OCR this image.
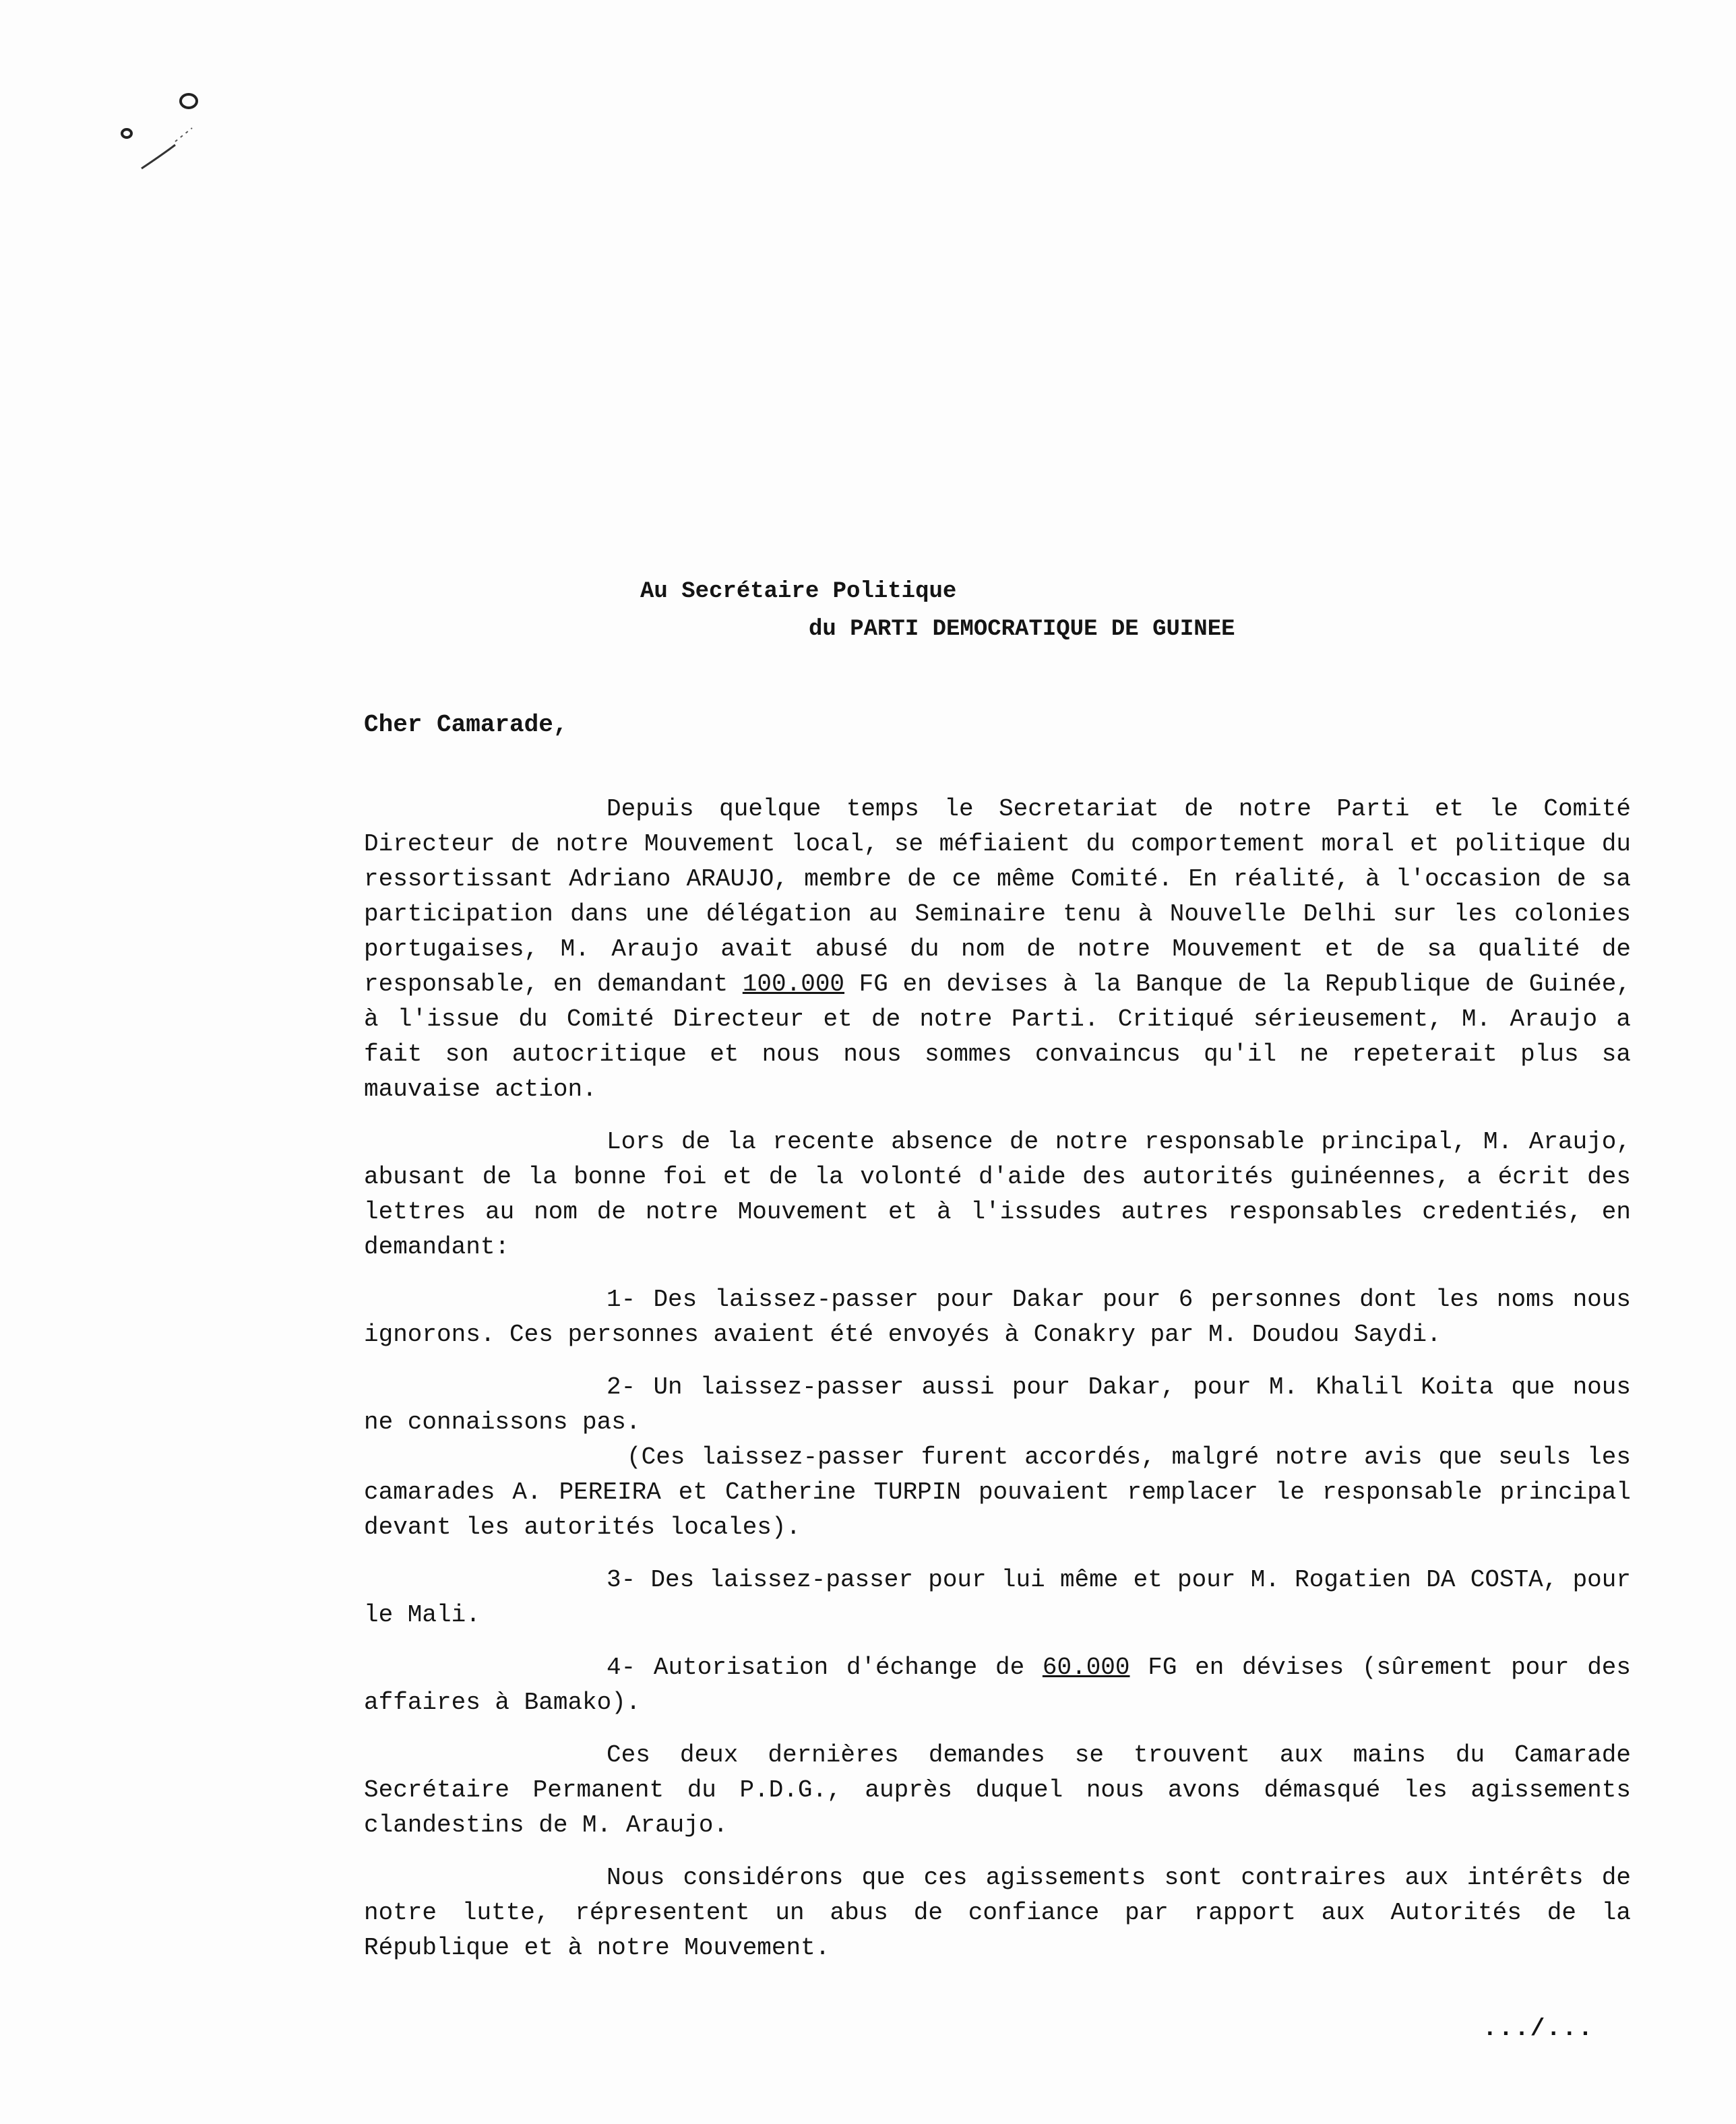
Au Secrétaire Politique
du PARTI DEMOCRATIQUE DE GUINEE
Cher Camarade,

Depuis quelque temps le Secretariat de notre Parti et le Comité Directeur de notre Mouvement local, se méfiaient du comportement moral et politique du ressortissant Adriano ARAUJO, membre de ce même Comité. En réalité, à l'occasion de sa participation dans une délégation au Seminaire tenu à Nouvelle Delhi sur les colonies portugaises, M. Araujo avait abusé du nom de notre Mouvement et de sa qualité de responsable, en demandant 100.000 FG en devises à la Banque de la Republique de Guinée, à l'issue du Comité Directeur et de notre Parti. Critiqué sérieusement, M. Araujo a fait son autocritique et nous nous sommes convaincus qu'il ne repeterait plus sa mauvaise action.

Lors de la recente absence de notre responsable principal, M. Araujo, abusant de la bonne foi et de la volonté d'aide des autorités guinéennes, a écrit des lettres au nom de notre Mouvement et à l'issudes autres responsables credentiés, en demandant:

1- Des laissez-passer pour Dakar pour 6 personnes dont les noms nous ignorons. Ces personnes avaient été envoyés à Conakry par M. Doudou Saydi.

2- Un laissez-passer aussi pour Dakar, pour M. Khalil Koita que nous ne connaissons pas.

(Ces laissez-passer furent accordés, malgré notre avis que seuls les camarades A. PEREIRA et Catherine TURPIN pouvaient remplacer le responsable principal devant les autorités locales).

3- Des laissez-passer pour lui même et pour M. Rogatien DA COSTA, pour le Mali.

4- Autorisation d'échange de 60.000 FG en dévises (sûrement pour des affaires à Bamako).

Ces deux dernières demandes se trouvent aux mains du Camarade Secrétaire Permanent du P.D.G., auprès duquel nous avons démasqué les agissements clandestins de M. Araujo.

Nous considérons que ces agissements sont contraires aux intérêts de notre lutte, répresentent un abus de confiance par rapport aux Autorités de la République et à notre Mouvement.

.../...
